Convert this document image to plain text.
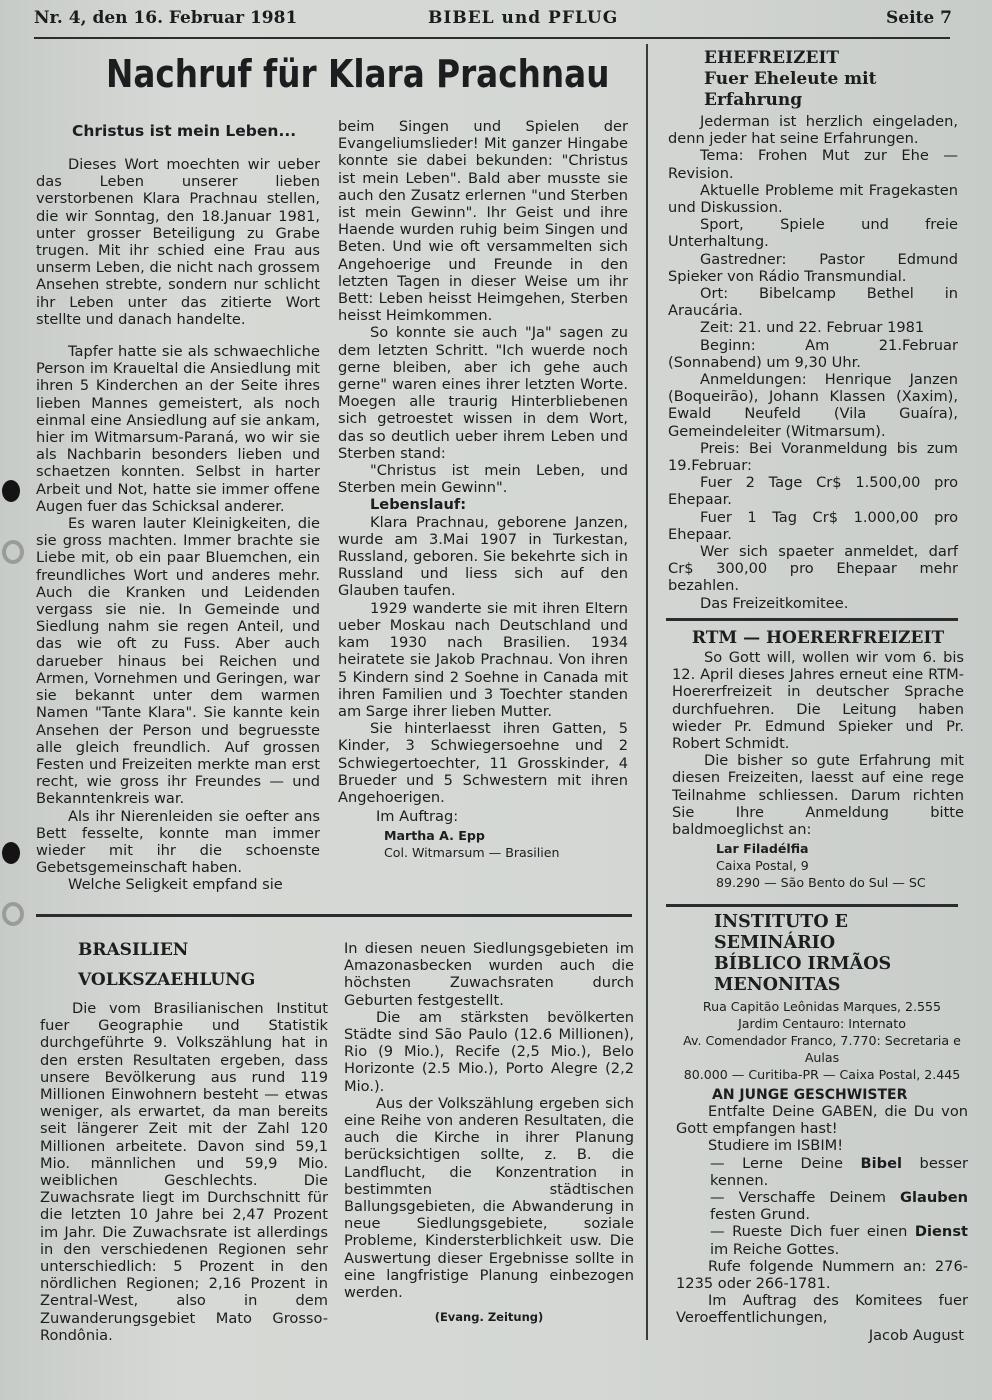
Nr. 4, den 16. Februar 1981	BIBEL und PFLUG	Seite 7
Nachruf für Klara Prachnau
Christus ist mein Leben...

Dieses Wort moechten wir ueber das Leben unserer lieben verstorbenen Klara Prachnau stellen, die wir Sonntag, den 18.Januar 1981, unter grosser Beteiligung zu Grabe trugen. Mit ihr schied eine Frau aus unserm Leben, die nicht nach grossem Ansehen strebte, sondern nur schlicht ihr Leben unter das zitierte Wort stellte und danach handelte.

Tapfer hatte sie als schwaechliche Person im Kraueltal die Ansiedlung mit ihren 5 Kinderchen an der Seite ihres lieben Mannes gemeistert, als noch einmal eine Ansiedlung auf sie ankam, hier im Witmarsum-Paraná, wo wir sie als Nachbarin besonders lieben und schaetzen konnten. Selbst in harter Arbeit und Not, hatte sie immer offene Augen fuer das Schicksal anderer.

Es waren lauter Kleinigkeiten, die sie gross machten. Immer brachte sie Liebe mit, ob ein paar Bluemchen, ein freundliches Wort und anderes mehr. Auch die Kranken und Leidenden vergass sie nie. In Gemeinde und Siedlung nahm sie regen Anteil, und das wie oft zu Fuss. Aber auch darueber hinaus bei Reichen und Armen, Vornehmen und Geringen, war sie bekannt unter dem warmen Namen "Tante Klara". Sie kannte kein Ansehen der Person und begruesste alle gleich freundlich. Auf grossen Festen und Freizeiten merkte man erst recht, wie gross ihr Freundes — und Bekanntenkreis war.

Als ihr Nierenleiden sie oefter ans Bett fesselte, konnte man immer wieder mit ihr die schoenste Gebetsgemeinschaft haben.

Welche Seligkeit empfand sie

beim Singen und Spielen der Evangeliumslieder! Mit ganzer Hingabe konnte sie dabei bekunden: "Christus ist mein Leben". Bald aber musste sie auch den Zusatz erlernen "und Sterben ist mein Gewinn". Ihr Geist und ihre Haende wurden ruhig beim Singen und Beten. Und wie oft versammelten sich Angehoerige und Freunde in den letzten Tagen in dieser Weise um ihr Bett: Leben heisst Heimgehen, Sterben heisst Heimkommen.

So konnte sie auch "Ja" sagen zu dem letzten Schritt. "Ich wuerde noch gerne bleiben, aber ich gehe auch gerne" waren eines ihrer letzten Worte. Moegen alle traurig Hinterbliebenen sich getroestet wissen in dem Wort, das so deutlich ueber ihrem Leben und Sterben stand:

"Christus ist mein Leben, und Sterben mein Gewinn".

Lebenslauf:

Klara Prachnau, geborene Janzen, wurde am 3.Mai 1907 in Turkestan, Russland, geboren. Sie bekehrte sich in Russland und liess sich auf den Glauben taufen.

1929 wanderte sie mit ihren Eltern ueber Moskau nach Deutschland und kam 1930 nach Brasilien. 1934 heiratete sie Jakob Prachnau. Von ihren 5 Kindern sind 2 Soehne in Canada mit ihren Familien und 3 Toechter standen am Sarge ihrer lieben Mutter.

Sie hinterlaesst ihren Gatten, 5 Kinder, 3 Schwiegersoehne und 2 Schwiegertoechter, 11 Grosskinder, 4 Brueder und 5 Schwestern mit ihren Angehoerigen.

Im Auftrag:

Martha A. Epp
Col. Witmarsum — Brasilien
EHEFREIZEIT
Fuer Eheleute mit Erfahrung

Jederman ist herzlich eingeladen, denn jeder hat seine Erfahrungen.

Tema: Frohen Mut zur Ehe — Revision.

Aktuelle Probleme mit Fragekasten und Diskussion.

Sport, Spiele und freie Unterhaltung.

Gastredner: Pastor Edmund Spieker von Rádio Transmundial.

Ort: Bibelcamp Bethel in Araucária.

Zeit: 21. und 22. Februar 1981

Beginn: Am 21.Februar (Sonnabend) um 9,30 Uhr.

Anmeldungen: Henrique Janzen (Boqueirão), Johann Klassen (Xaxim), Ewald Neufeld (Vila Guaíra), Gemeindeleiter (Witmarsum).

Preis: Bei Voranmeldung bis zum 19.Februar:

Fuer 2 Tage Cr$ 1.500,00 pro Ehepaar.

Fuer 1 Tag Cr$ 1.000,00 pro Ehepaar.

Wer sich spaeter anmeldet, darf Cr$ 300,00 pro Ehepaar mehr bezahlen.

Das Freizeitkomitee.

RTM — HOERERFREIZEIT

So Gott will, wollen wir vom 6. bis 12. April dieses Jahres erneut eine RTM-Hoererfreizeit in deutscher Sprache durchfuehren. Die Leitung haben wieder Pr. Edmund Spieker und Pr. Robert Schmidt.

Die bisher so gute Erfahrung mit diesen Freizeiten, laesst auf eine rege Teilnahme schliessen. Darum richten Sie Ihre Anmeldung bitte baldmoeglichst an:

Lar Filadélfia
Caixa Postal, 9
89.290 — São Bento do Sul — SC
INSTITUTO E SEMINÁRIO
BÍBLICO IRMÃOS
MENONITAS
Rua Capitão Leônidas Marques, 2.555
Jardim Centauro: Internato
Av. Comendador Franco, 7.770: Secretaria e Aulas
80.000 — Curitiba-PR — Caixa Postal, 2.445
AN JUNGE GESCHWISTER

Entfalte Deine GABEN, die Du von Gott empfangen hast!

Studiere im ISBIM!

— Lerne Deine Bibel besser kennen.

— Verschaffe Deinem Glauben festen Grund.

— Rueste Dich fuer einen Dienst im Reiche Gottes.

Rufe folgende Nummern an: 276-1235 oder 266-1781.

Im Auftrag des Komitees fuer Veroeffentlichungen,

Jacob August
BRASILIEN
VOLKSZAEHLUNG

Die vom Brasilianischen Institut fuer Geographie und Statistik durchgeführte 9. Volkszählung hat in den ersten Resultaten ergeben, dass unsere Bevölkerung aus rund 119 Millionen Einwohnern besteht — etwas weniger, als erwartet, da man bereits seit längerer Zeit mit der Zahl 120 Millionen arbeitete. Davon sind 59,1 Mio. männlichen und 59,9 Mio. weiblichen Geschlechts. Die Zuwachsrate liegt im Durchschnitt für die letzten 10 Jahre bei 2,47 Prozent im Jahr. Die Zuwachsrate ist allerdings in den verschiedenen Regionen sehr unterschiedlich: 5 Prozent in den nördlichen Regionen; 2,16 Prozent in Zentral-West, also in dem Zuwanderungsgebiet Mato Grosso-Rondônia.

In diesen neuen Siedlungsgebieten im Amazonasbecken wurden auch die höchsten Zuwachsraten durch Geburten festgestellt.

Die am stärksten bevölkerten Städte sind São Paulo (12.6 Millionen), Rio (9 Mio.), Recife (2,5 Mio.), Belo Horizonte (2.5 Mio.), Porto Alegre (2,2 Mio.).

Aus der Volkszählung ergeben sich eine Reihe von anderen Resultaten, die auch die Kirche in ihrer Planung berücksichtigen sollte, z. B. die Landflucht, die Konzentration in bestimmten städtischen Ballungsgebieten, die Abwanderung in neue Siedlungsgebiete, soziale Probleme, Kindersterblichkeit usw. Die Auswertung dieser Ergebnisse sollte in eine langfristige Planung einbezogen werden.

(Evang. Zeitung)
